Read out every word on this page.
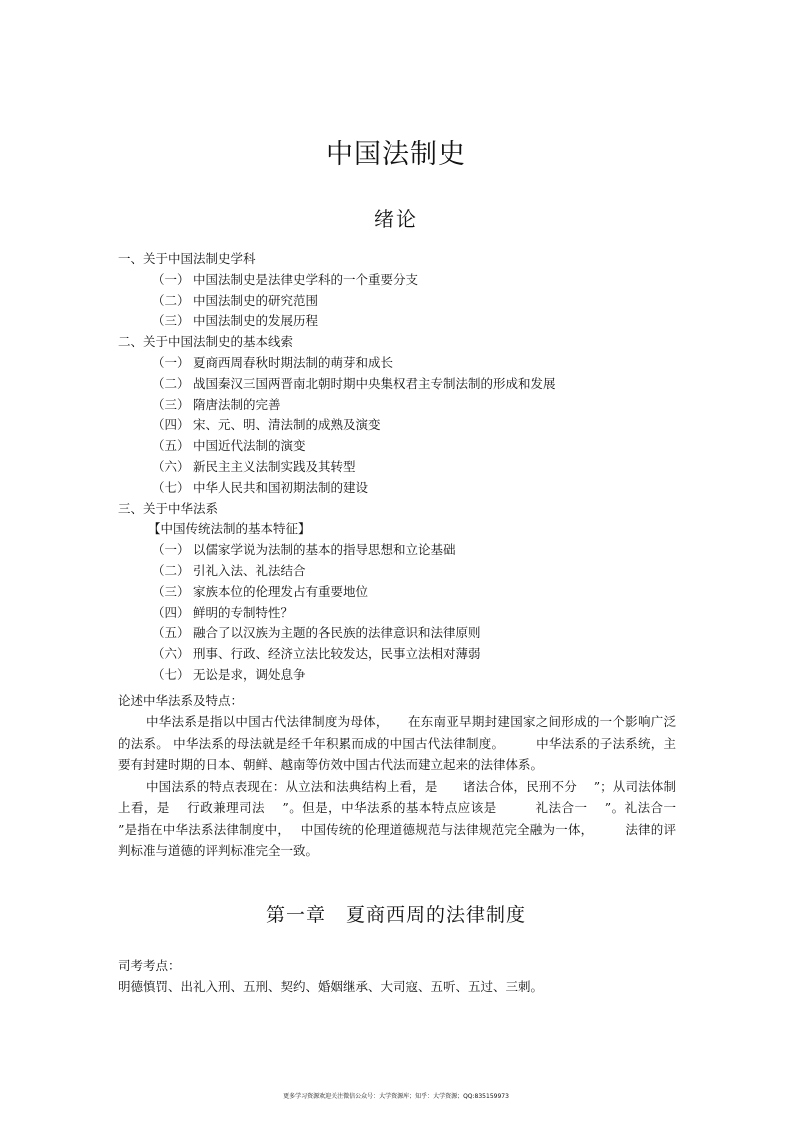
中国法制史
绪论
一、关于中国法制史学科
（一） 中国法制史是法律史学科的一个重要分支
（二） 中国法制史的研究范围
（三） 中国法制史的发展历程
二、关于中国法制史的基本线索
（一） 夏商西周春秋时期法制的萌芽和成长
（二） 战国秦汉三国两晋南北朝时期中央集权君主专制法制的形成和发展
（三） 隋唐法制的完善
（四） 宋、元、明、清法制的成熟及演变
（五） 中国近代法制的演变
（六） 新民主主义法制实践及其转型
（七） 中华人民共和国初期法制的建设
三、关于中华法系
【中国传统法制的基本特征】
（一） 以儒家学说为法制的基本的指导思想和立论基础
（二） 引礼入法、礼法结合
（三） 家族本位的伦理发占有重要地位
（四） 鲜明的专制特性？
（五） 融合了以汉族为主题的各民族的法律意识和法律原则
（六） 刑事、行政、经济立法比较发达，民事立法相对薄弱
（七） 无讼是求，调处息争
论述中华法系及特点：

中华法系是指以中国古代法律制度为母体，　　在东南亚早期封建国家之间形成的一个影响广泛的法系。 中华法系的母法就是经千年积累而成的中国古代法律制度。　　　中华法系的子法系统，主要有封建时期的日本、朝鲜、越南等仿效中国古代法而建立起来的法律体系。

中国法系的特点表现在：从立法和法典结构上看，是　　诸法合体，民刑不分　 ”；从司法体制上看，是　 行政兼理司法　 ”。但是，中华法系的基本特点应该是　　　礼法合一　 ”。礼法合一　 ”是指在中华法系法律制度中，　 中国传统的伦理道德规范与法律规范完全融为一体，　　　法律的评判标准与道德的评判标准完全一致。

第一章　夏商西周的法律制度
司考考点：
明德慎罚、出礼入刑、五刑、契约、婚姻继承、大司寇、五听、五过、三刺。
更多学习资源欢迎关注微信公众号：大学资源库；知乎：大学资源；QQ:835159973
